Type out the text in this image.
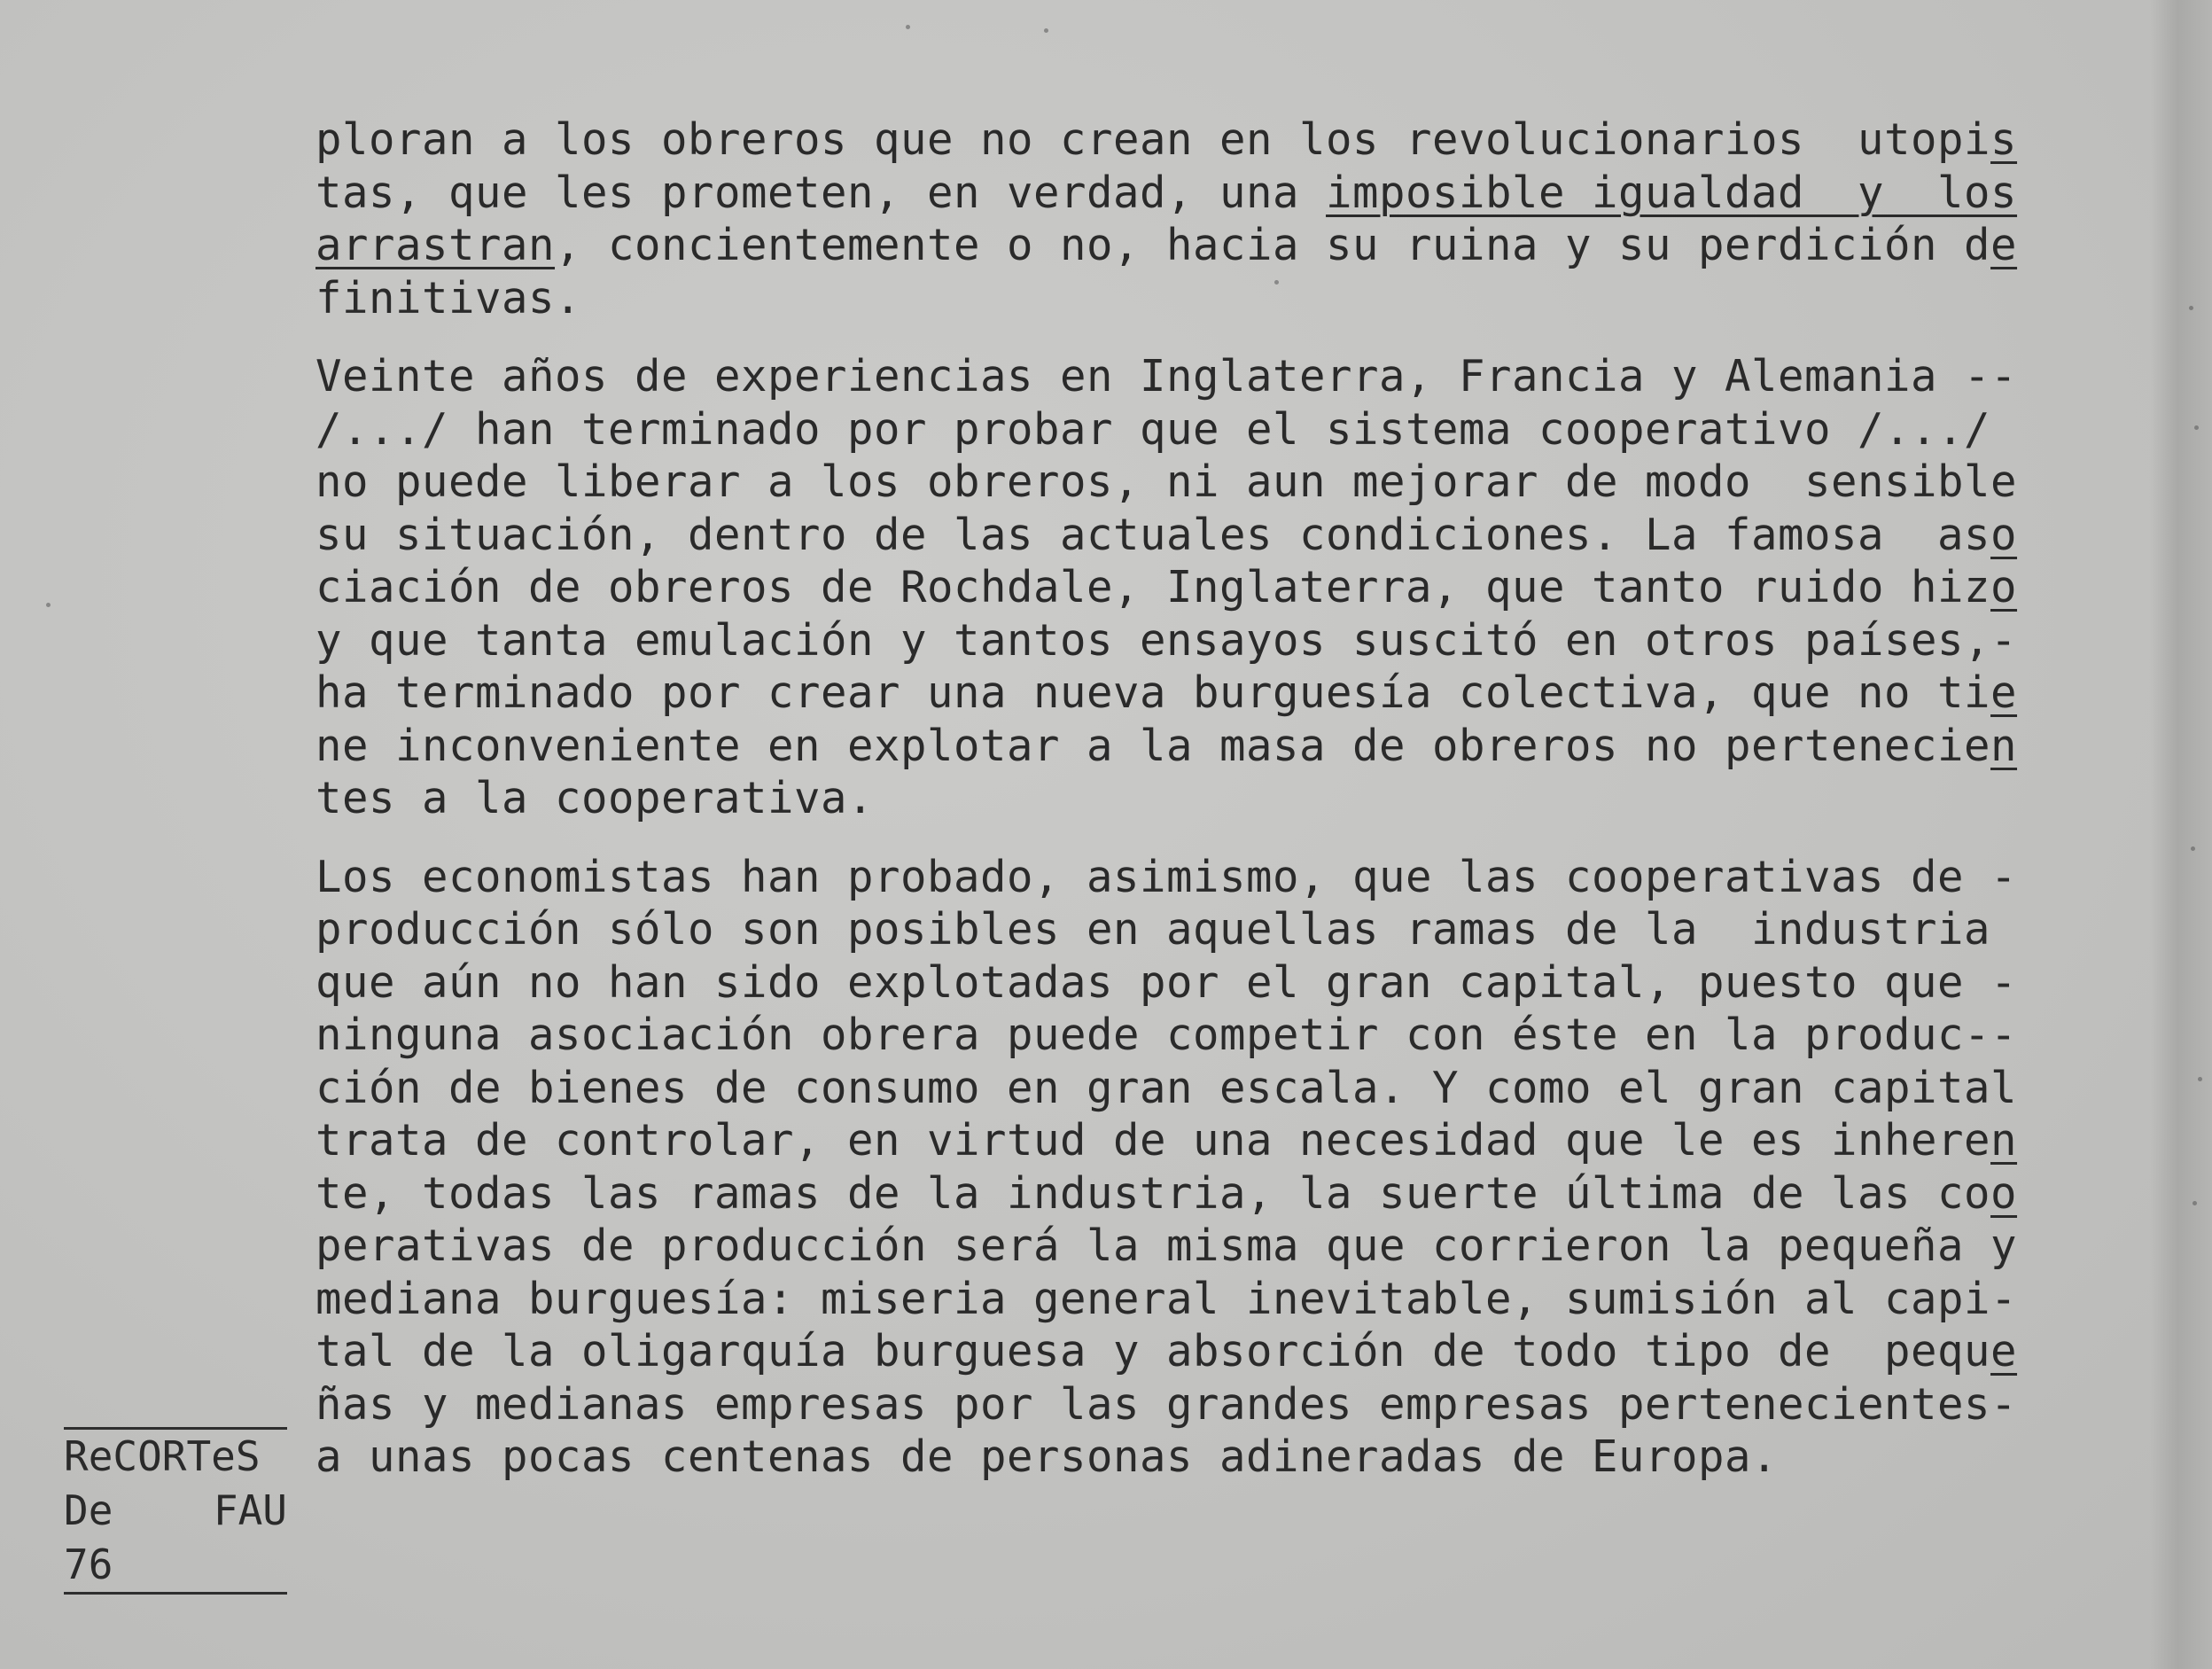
ploran a los obreros que no crean en los revolucionarios  utopis
tas, que les prometen, en verdad, una imposible igualdad  y  los
arrastran, concientemente o no, hacia su ruina y su perdición de
finitivas.
Veinte años de experiencias en Inglaterra, Francia y Alemania --
/.../ han terminado por probar que el sistema cooperativo /.../
no puede liberar a los obreros, ni aun mejorar de modo  sensible
su situación, dentro de las actuales condiciones. La famosa  aso
ciación de obreros de Rochdale, Inglaterra, que tanto ruido hizo
y que tanta emulación y tantos ensayos suscitó en otros países,-
ha terminado por crear una nueva burguesía colectiva, que no tie
ne inconveniente en explotar a la masa de obreros no pertenecien
tes a la cooperativa.
Los economistas han probado, asimismo, que las cooperativas de -
producción sólo son posibles en aquellas ramas de la  industria
que aún no han sido explotadas por el gran capital, puesto que -
ninguna asociación obrera puede competir con éste en la produc--
ción de bienes de consumo en gran escala. Y como el gran capital
trata de controlar, en virtud de una necesidad que le es inheren
te, todas las ramas de la industria, la suerte última de las coo
perativas de producción será la misma que corrieron la pequeña y
mediana burguesía: miseria general inevitable, sumisión al capi-
tal de la oligarquía burguesa y absorción de todo tipo de  peque
ñas y medianas empresas por las grandes empresas pertenecientes-
a unas pocas centenas de personas adineradas de Europa.
ReCORTeS
De FAU
76
